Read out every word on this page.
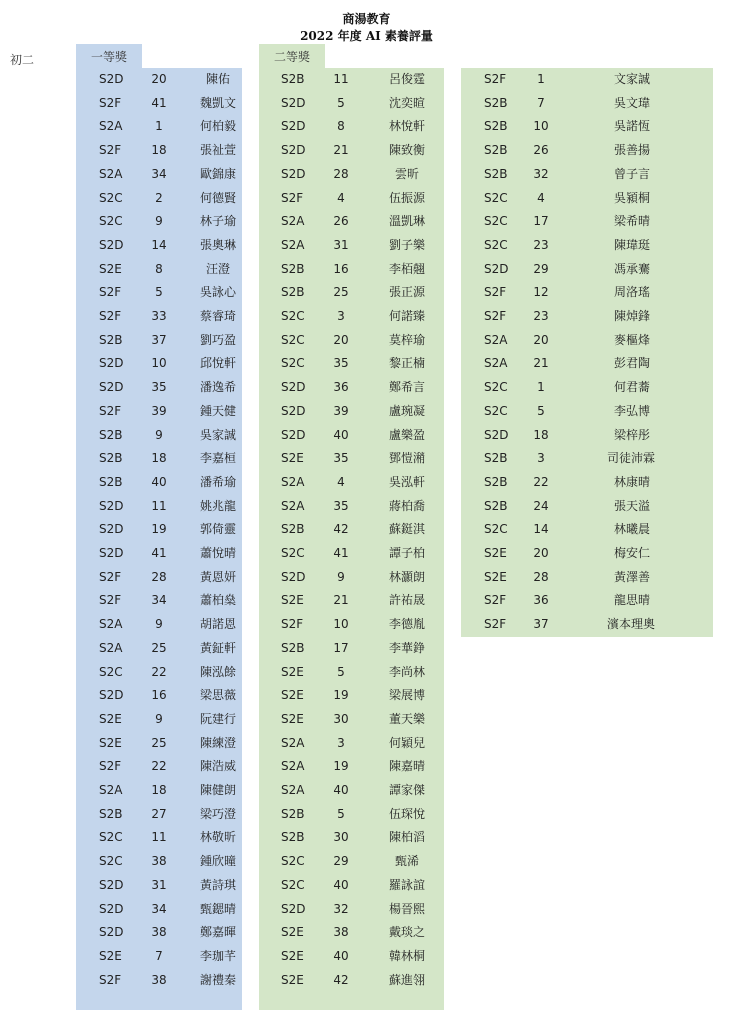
商湯教育
2022 年度 AI 素養評量
初二	一等獎
S2D 20	陳佑
S2F	41	魏凱文
S2A	1	何柏毅
S2F	18	張祉萱
S2A	34	歐錦康
S2C	2	何德賢
S2C	9	林子瑜
S2D 14	張奧琳
S2E	8	汪澄
S2F	5	吳詠心
S2F	33	蔡睿琦
S2B	37	劉巧盈
S2D 10	邱悅軒
S2D 35	潘逸希
S2F	39	鍾天健
S2B	9	吳家誠
S2B	18	李嘉桓
S2B	40	潘希瑜
S2D 11	姚兆龍
S2D 19	郭倚靈
S2D 41	蕭悅晴
S2F	28	黃恩妍
S2F	34	蕭柏燊
S2A	9	胡諾恩
S2A	25	黃鉦軒
S2C	22	陳泓餘
S2D 16	梁思薇
S2E	9	阮建行
S2E	25	陳練澄
S2F	22	陳浩威
S2A	18	陳健朗
S2B	27	梁巧澄
S2C	11	林敬昕
S2C	38	鍾欣曈
S2D 31	黃詩琪
S2D 34	甄鍶晴
S2D 38	鄭嘉暉
S2E	7	李珈芊
S2F	38	謝禮秦
二等獎
S2B	11	呂俊霆
S2D	5	沈奕暄
S2D	8	林悅軒
S2D 21	陳致衡
S2D 28	雲昕
S2F	4	伍振源
S2A	26	溫凱琳
S2A	31	劉子樂
S2B	16	李栢翹
S2B	25	張正源
S2C	3	何諾臻
S2C	20	莫梓瑜
S2C	35	黎正楠
S2D 36	鄭希言
S2D 39	盧琬凝
S2D 40	盧樂盈
S2E	35	鄧愷潲
S2A	4	吳泓軒
S2A	35	蔣柏喬
S2B	42	蘇鋌淇
S2C	41	譚子柏
S2D	9	林灝朗
S2E	21	許祐晟
S2F	10	李德胤
S2B	17	李華錚
S2E	5	李尚林
S2E	19	梁展博
S2E	30	董天樂
S2A	3	何穎兒
S2A	19	陳嘉晴
S2A	40	譚家傑
S2B	5	伍琛悅
S2B	30	陳柏滔
S2C	29	甄浠
S2C	40	羅詠誼
S2D 32	楊晉熙
S2E	38	戴琰之
S2E	40	韓林桐
S2E	42	蘇進翎
S2F	1	文家誠
S2B	7	吳文瑋
S2B	10	吳諾恆
S2B	26	張善揚
S2B	32	曾子言
S2C	4	吳潁桐
S2C	17	梁希晴
S2C	23	陳瑋珽
S2D 29	馮承騫
S2F	12	周洛瑤
S2F	23	陳焯鋒
S2A	20	麥樞烽
S2A	21	彭君陶
S2C	1	何君蕎
S2C	5	李弘博
S2D 18	梁梓彤
S2B	3	司徒沛霖
S2B	22	林康晴
S2B	24	張天溢
S2C	14	林曦晨
S2E	20	梅安仁
S2E	28	黃澤善
S2F	36	龍思晴
S2F	37	濱本理奧
